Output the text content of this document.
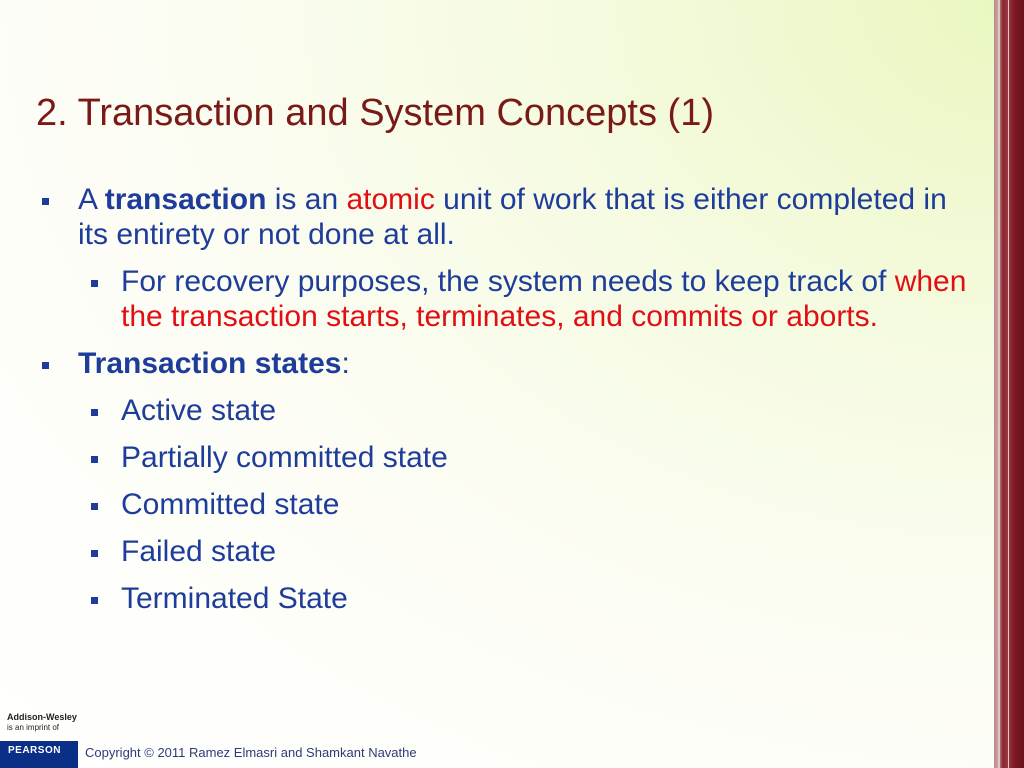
2. Transaction and System Concepts (1)
A transaction is an atomic unit of work that is either completed in its entirety or not done at all.
For recovery purposes, the system needs to keep track of when the transaction starts, terminates, and commits or aborts.
Transaction states:
Active state
Partially committed state
Committed state
Failed state
Terminated State
Addison-Wesley
is an imprint of
PEARSON	Copyright © 2011 Ramez Elmasri and Shamkant Navathe
